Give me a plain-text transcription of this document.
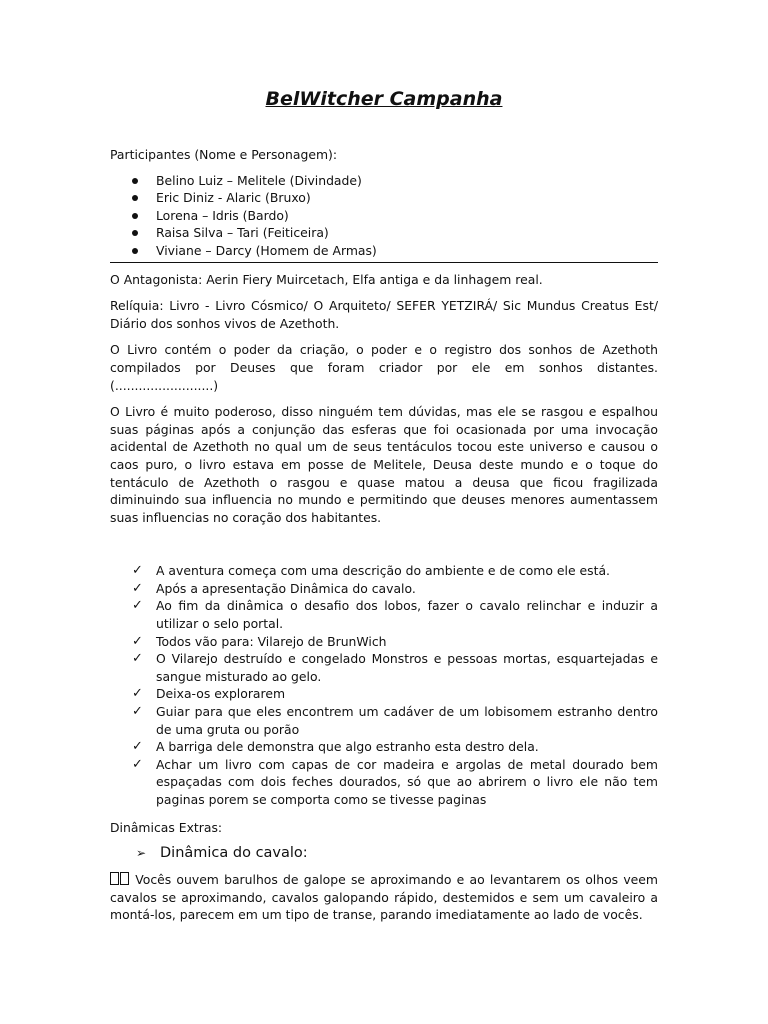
BelWitcher Campanha

Participantes (Nome e Personagem):

Belino Luiz – Melitele (Divindade)
Eric Diniz - Alaric (Bruxo)
Lorena – Idris (Bardo)
Raisa Silva – Tari (Feiticeira)
Viviane – Darcy (Homem de Armas)

O Antagonista: Aerin Fiery Muircetach, Elfa antiga e da linhagem real.

Relíquia: Livro - Livro Cósmico/ O Arquiteto/ SEFER YETZIRÁ/ Sic Mundus Creatus Est/ Diário dos sonhos vivos de Azethoth.

O Livro contém o poder da criação, o poder e o registro dos sonhos de Azethoth compilados por Deuses que foram criador por ele em sonhos distantes. (.........................)

O Livro é muito poderoso, disso ninguém tem dúvidas, mas ele se rasgou e espalhou suas páginas após a conjunção das esferas que foi ocasionada por uma invocação acidental de Azethoth no qual um de seus tentáculos tocou este universo e causou o caos puro, o livro estava em posse de Melitele, Deusa deste mundo e o toque do tentáculo de Azethoth o rasgou e quase matou a deusa que ficou fragilizada diminuindo sua influencia no mundo e permitindo que deuses menores aumentassem suas influencias no coração dos habitantes.

✓ A aventura começa com uma descrição do ambiente e de como ele está.
✓ Após a apresentação Dinâmica do cavalo.
✓ Ao fim da dinâmica o desafio dos lobos, fazer o cavalo relinchar e induzir a utilizar o selo portal.
✓ Todos vão para: Vilarejo de BrunWich
✓ O Vilarejo destruído e congelado Monstros e pessoas mortas, esquartejadas e sangue misturado ao gelo.
✓ Deixa-os explorarem
✓ Guiar para que eles encontrem um cadáver de um lobisomem estranho dentro de uma gruta ou porão
✓ A barriga dele demonstra que algo estranho esta destro dela.
✓ Achar um livro com capas de cor madeira e argolas de metal dourado bem espaçadas com dois feches dourados, só que ao abrirem o livro ele não tem paginas porem se comporta como se tivesse paginas

Dinâmicas Extras:

➢ Dinâmica do cavalo:

Vocês ouvem barulhos de galope se aproximando e ao levantarem os olhos veem cavalos se aproximando, cavalos galopando rápido, destemidos e sem um cavaleiro a montá-los, parecem em um tipo de transe, parando imediatamente ao lado de vocês.
